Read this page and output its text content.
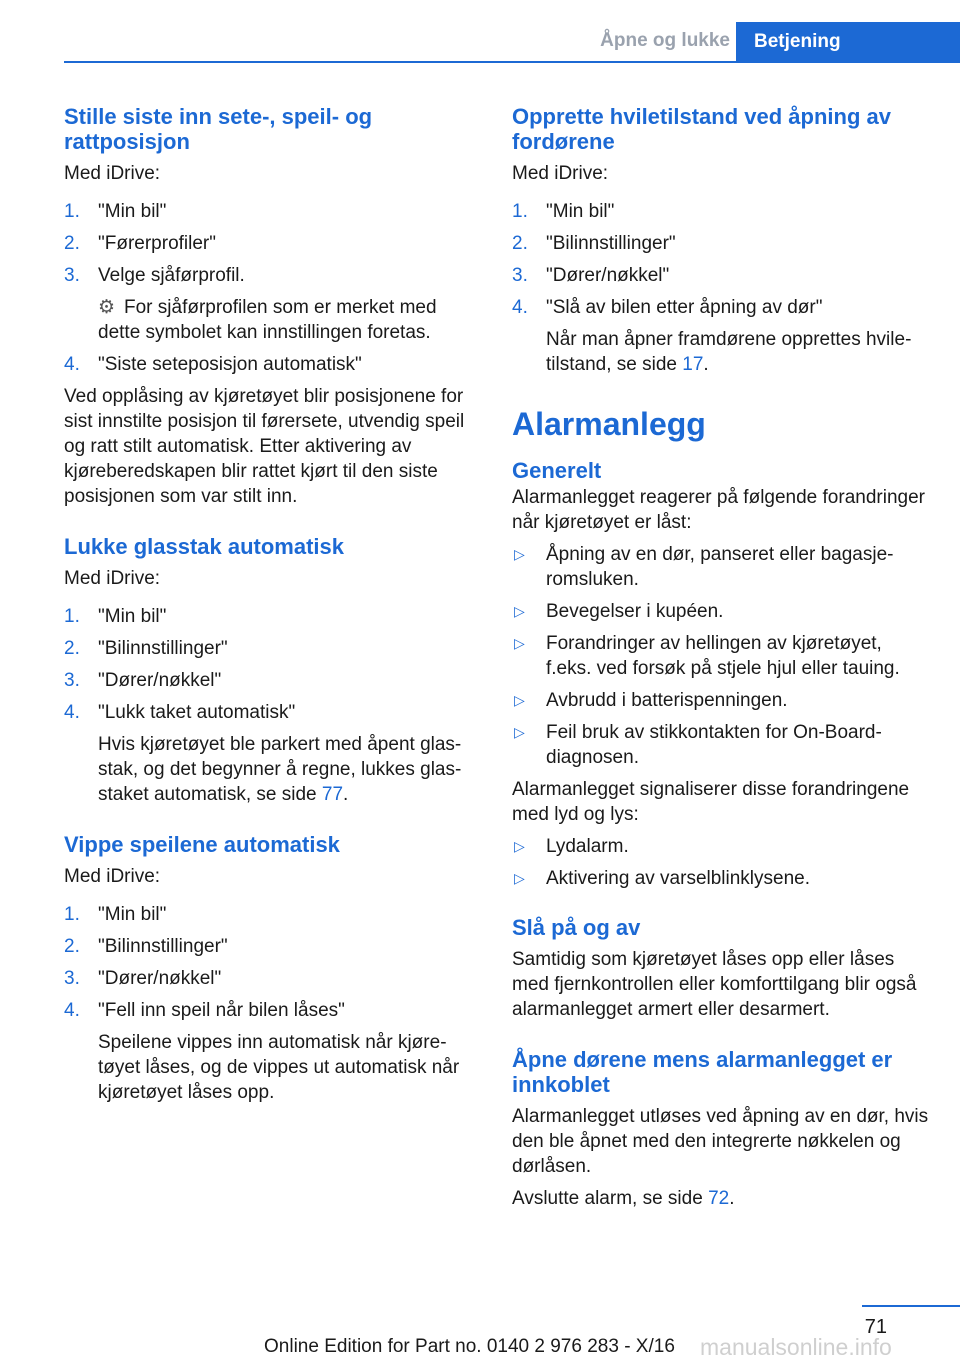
Åpne og lukke Betjening
Stille siste inn sete-, speil- og rattposisjon

Med iDrive:

1. "Min bil"
2. "Førerprofiler"
3. Velge sjåførprofil.
⚙ For sjåførprofilen som er merket med dette symbolet kan innstillingen foretas.
4. "Siste seteposisjon automatisk"

Ved opplåsing av kjøretøyet blir posisjonene for sist innstilte posisjon til førersete, utvendig speil og ratt stilt automatisk. Etter aktivering av kjøreberedskapen blir rattet kjørt til den siste posisjonen som var stilt inn.

Lukke glasstak automatisk

Med iDrive:

1. "Min bil"
2. "Bilinnstillinger"
3. "Dører/nøkkel"
4. "Lukk taket automatisk"
Hvis kjøretøyet ble parkert med åpent glasstak, og det begynner å regne, lukkes glasstaket automatisk, se side 77.
Vippe speilene automatisk

Med iDrive:

1. "Min bil"
2. "Bilinnstillinger"
3. "Dører/nøkkel"
4. "Fell inn speil når bilen låses"
Speilene vippes inn automatisk når kjøretøyet låses, og de vippes ut automatisk når kjøretøyet låses opp.
Opprette hviletilstand ved åpning av fordørene

Med iDrive:

1. "Min bil"
2. "Bilinnstillinger"
3. "Dører/nøkkel"
4. "Slå av bilen etter åpning av dør"
Når man åpner framdørene opprettes hviletilstand, se side 17.
Alarmanlegg
Generelt

Alarmanlegget reagerer på følgende forandringer når kjøretøyet er låst:

▷ Åpning av en dør, panseret eller bagasjeromsluken.
▷ Bevegelser i kupéen.
▷ Forandringer av hellingen av kjøretøyet, f.eks. ved forsøk på stjele hjul eller tauing.
▷ Avbrudd i batterispenningen.
▷ Feil bruk av stikkontakten for On-Board-diagnosen.

Alarmanlegget signaliserer disse forandringene med lyd og lys:

▷ Lydalarm.
▷ Aktivering av varselblinklysene.
Slå på og av

Samtidig som kjøretøyet låses opp eller låses med fjernkontrollen eller komforttilgang blir også alarmanlegget armert eller desarmert.

Åpne dørene mens alarmanlegget er innkoblet

Alarmanlegget utløses ved åpning av en dør, hvis den ble åpnet med den integrerte nøkkelen og dørlåsen.

Avslutte alarm, se side 72.

71
manualsonline.info
Online Edition for Part no. 0140 2 976 283 - X/16
